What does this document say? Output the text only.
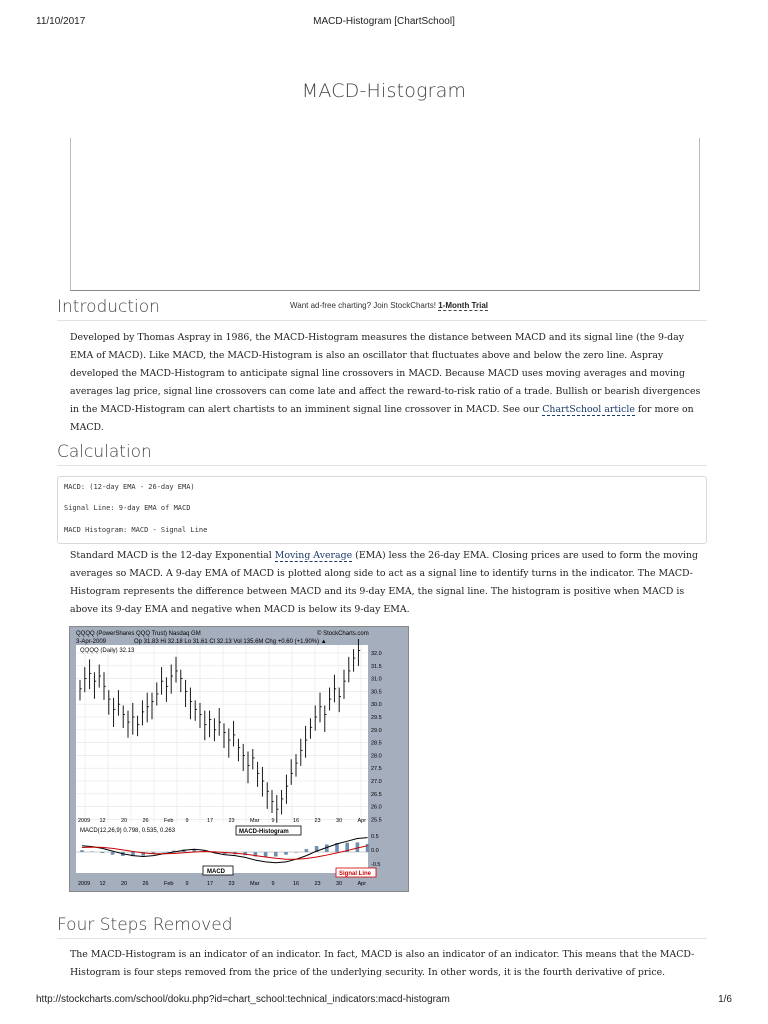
11/10/2017	MACD-Histogram [ChartSchool]
MACD-Histogram
Introduction	Want ad-free charting? Join StockCharts! 1-Month Trial
Developed by Thomas Aspray in 1986, the MACD-Histogram measures the distance between MACD and its signal line (the 9-day EMA of MACD). Like MACD, the MACD-Histogram is also an oscillator that fluctuates above and below the zero line. Aspray developed the MACD-Histogram to anticipate signal line crossovers in MACD. Because MACD uses moving averages and moving averages lag price, signal line crossovers can come late and affect the reward-to-risk ratio of a trade. Bullish or bearish divergences in the MACD-Histogram can alert chartists to an imminent signal line crossover in MACD. See our ChartSchool article for more on MACD.
Calculation
MACD: (12-day EMA - 26-day EMA)
Signal Line: 9-day EMA of MACD
MACD Histogram: MACD - Signal Line
Standard MACD is the 12-day Exponential Moving Average (EMA) less the 26-day EMA. Closing prices are used to form the moving averages so MACD. A 9-day EMA of MACD is plotted along side to act as a signal line to identify turns in the indicator. The MACD-Histogram represents the difference between MACD and its 9-day EMA, the signal line. The histogram is positive when MACD is above its 9-day EMA and negative when MACD is below its 9-day EMA.
QQQQ (PowerShares QQQ Trust) Nasdaq GM	© StockCharts.com
3-Apr-2009	Op 31.83 Hi 32.18 Lo 31.61 Cl 32.13 Vol 135.6M Chg +0.60 (+1.90%) ▲
QQQQ (Daily) 32.13	32.0
31.5
31.0
30.5
30.0
29.5
29.0
28.5
28.0
27.5
27.0
26.5
26.0
25.5
2009 12	20	26	Feb 9	17	23	Mar 9	16	23	30	Apr
MACD(12,26,9) 0.798, 0.535, 0.263
0.5
0.0
-0.5
2009 12	20	26	Feb 9	17	23	Mar 9	16	23	30	Apr
MACD-Histogram
MACD	Signal Line
Four Steps Removed
The MACD-Histogram is an indicator of an indicator. In fact, MACD is also an indicator of an indicator. This means that the MACD-Histogram is four steps removed from the price of the underlying security. In other words, it is the fourth derivative of price.
http://stockcharts.com/school/doku.php?id=chart_school:technical_indicators:macd-histogram	1/6
